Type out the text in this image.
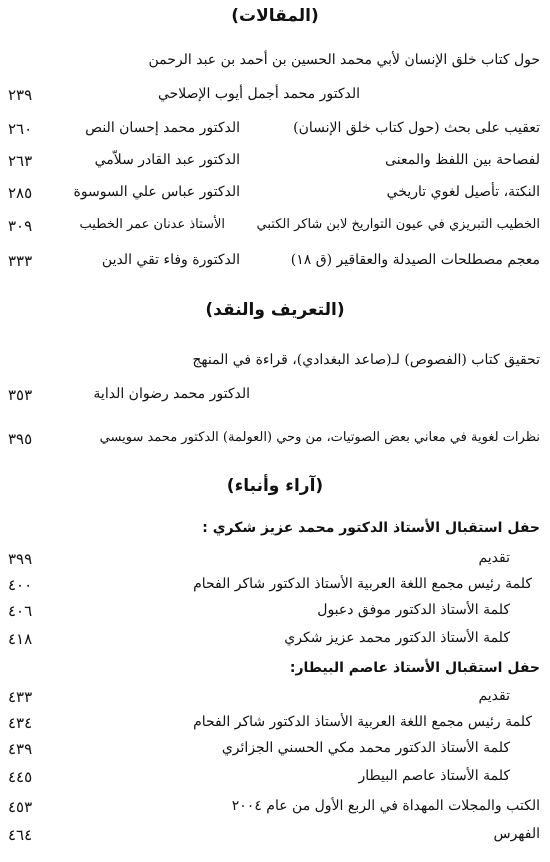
(المقالات)
حول كتاب خلق الإنسان لأبي محمد الحسين بن أحمد بن عبد الرحمن
الدكتور محمد أجمل أيوب الإصلاحي
٢٣٩
تعقيب على بحث (حول كتاب خلق الإنسان)
الدكتور محمد إحسان النص
٢٦٠
لفصاحة بين اللفظ والمعنى
الدكتور عبد القادر سلاّمي
٢٦٣
النكتة، تأصيل لغوي تاريخي
الدكتور عباس علي السوسوة
٢٨٥
الخطيب التبريزي في عيون التواريخ لابن شاكر الكتبي
الأستاذ عدنان عمر الخطيب
٣٠٩
معجم مصطلحات الصيدلة والعقاقير (ق ١٨)
الدكتورة وفاء تقي الدين
٣٣٣
(التعريف والنقد)
تحقيق كتاب (الفصوص) لـ(صاعد البغدادي)، قراءة في المنهج
الدكتور محمد رضوان الداية
٣٥٣
نظرات لغوية في معاني بعض الصوتيات، من وحي (العولمة) الدكتور محمد سويسي
٣٩٥
(آراء وأنباء)
حفل استقبال الأستاذ الدكتور محمد عزيز شكري :
تقديم
٣٩٩
كلمة رئيس مجمع اللغة العربية الأستاذ الدكتور شاكر الفحام
٤٠٠
كلمة الأستاذ الدكتور موفق دعبول
٤٠٦
كلمة الأستاذ الدكتور محمد عزيز شكري
٤١٨
حفل استقبال الأستاذ عاصم البيطار:
تقديم
٤٣٣
كلمة رئيس مجمع اللغة العربية الأستاذ الدكتور شاكر الفحام
٤٣٤
كلمة الأستاذ الدكتور محمد مكي الحسني الجزائري
٤٣٩
كلمة الأستاذ عاصم البيطار
٤٤٥
الكتب والمجلات المهداة في الربع الأول من عام ٢٠٠٤
٤٥٣
الفهرس
٤٦٤
